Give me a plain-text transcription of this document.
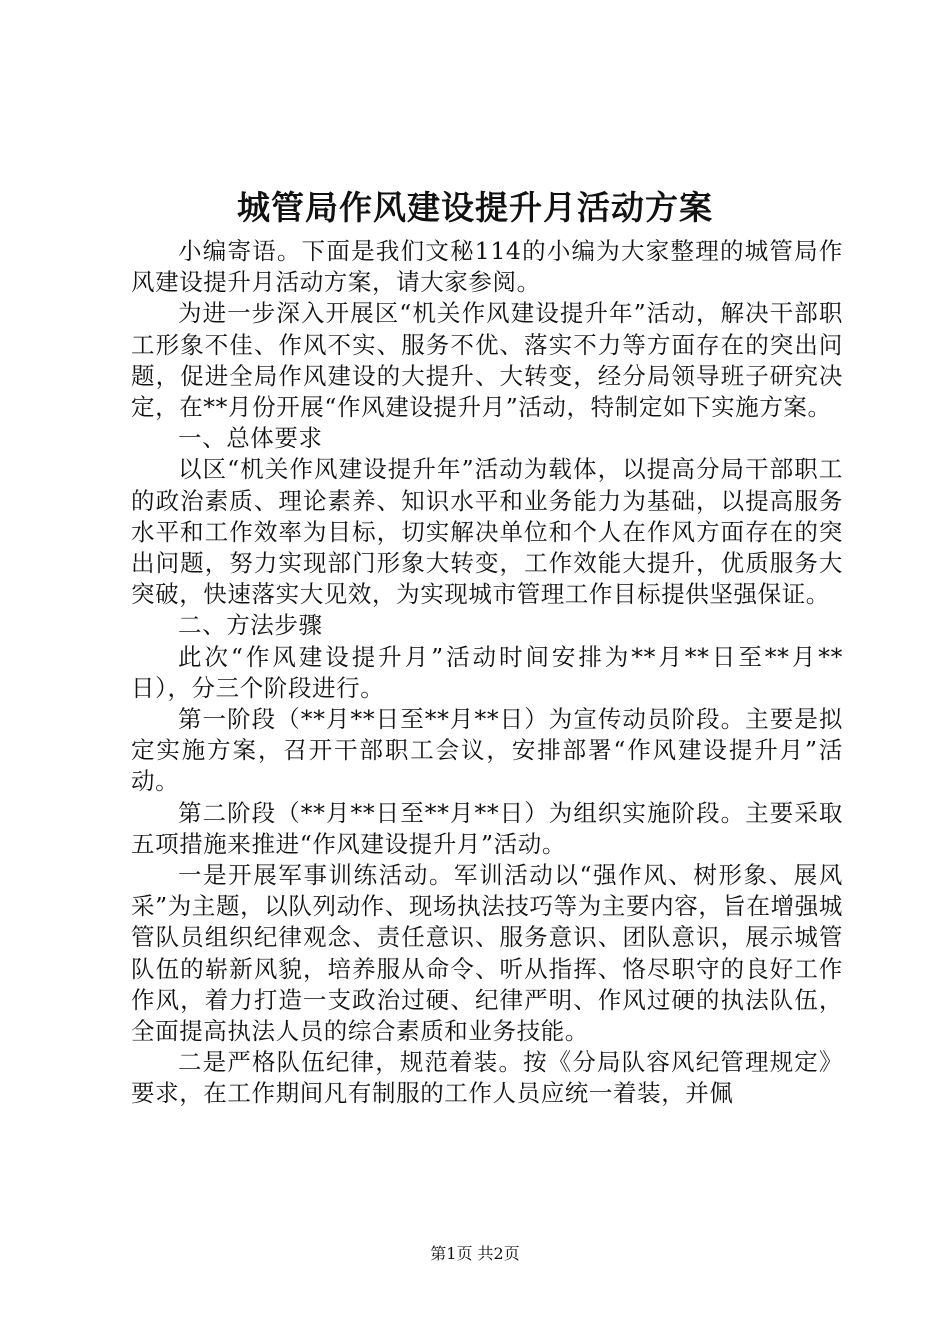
城管局作风建设提升月活动方案

小编寄语。下面是我们文秘114的小编为大家整理的城管局作风建设提升月活动方案，请大家参阅。

为进一步深入开展区“机关作风建设提升年”活动，解决干部职工形象不佳、作风不实、服务不优、落实不力等方面存在的突出问题，促进全局作风建设的大提升、大转变，经分局领导班子研究决定，在**月份开展“作风建设提升月”活动，特制定如下实施方案。

一、总体要求

以区“机关作风建设提升年”活动为载体，以提高分局干部职工的政治素质、理论素养、知识水平和业务能力为基础，以提高服务水平和工作效率为目标，切实解决单位和个人在作风方面存在的突出问题，努力实现部门形象大转变，工作效能大提升，优质服务大突破，快速落实大见效，为实现城市管理工作目标提供坚强保证。

二、方法步骤

此次“作风建设提升月”活动时间安排为**月**日至**月**日），分三个阶段进行。

第一阶段（**月**日至**月**日）为宣传动员阶段。主要是拟定实施方案，召开干部职工会议，安排部署“作风建设提升月”活动。

第二阶段（**月**日至**月**日）为组织实施阶段。主要采取五项措施来推进“作风建设提升月”活动。

一是开展军事训练活动。军训活动以“强作风、树形象、展风采”为主题，以队列动作、现场执法技巧等为主要内容，旨在增强城管队员组织纪律观念、责任意识、服务意识、团队意识，展示城管队伍的崭新风貌，培养服从命令、听从指挥、恪尽职守的良好工作作风，着力打造一支政治过硬、纪律严明、作风过硬的执法队伍，全面提高执法人员的综合素质和业务技能。

二是严格队伍纪律，规范着装。按《分局队容风纪管理规定》要求，在工作期间凡有制服的工作人员应统一着装，并佩

第1页 共2页
